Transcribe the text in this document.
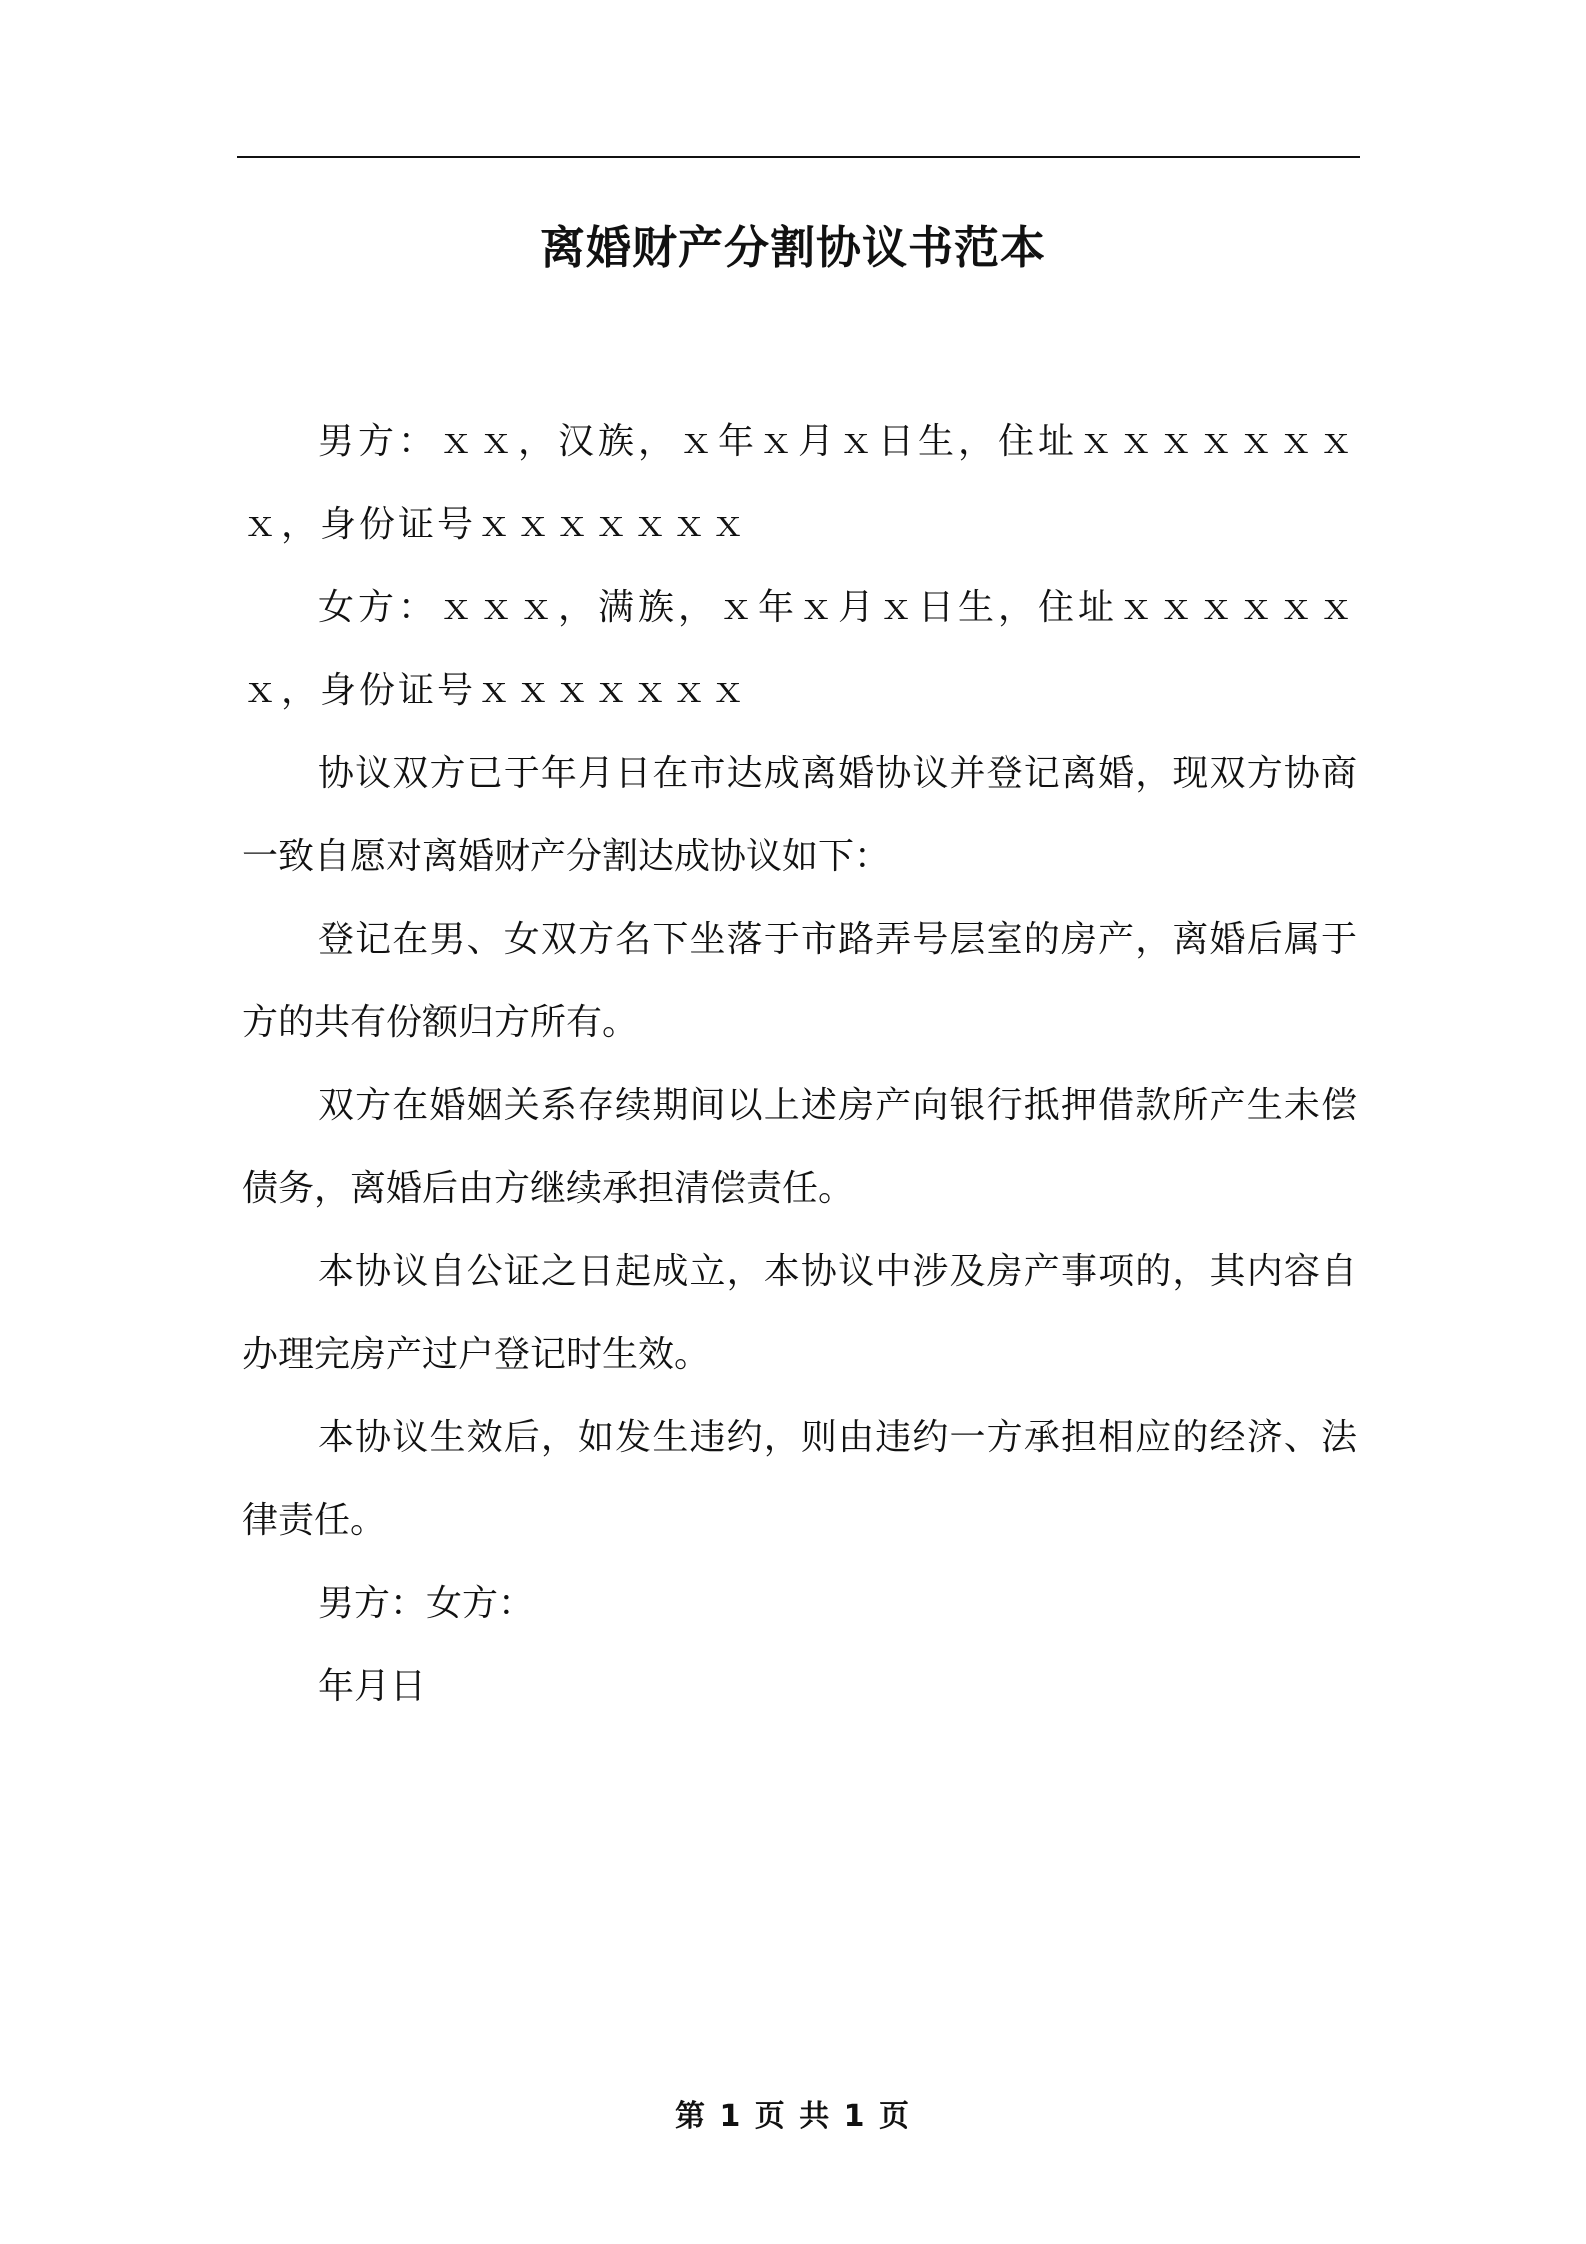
离婚财产分割协议书范本

男方：ｘｘ，汉族，ｘ年ｘ月ｘ日生，住址ｘｘｘｘｘｘｘｘ，身份证号ｘｘｘｘｘｘｘ

女方：ｘｘｘ，满族，ｘ年ｘ月ｘ日生，住址ｘｘｘｘｘｘｘ，身份证号ｘｘｘｘｘｘｘ

协议双方已于年月日在市达成离婚协议并登记离婚，现双方协商一致自愿对离婚财产分割达成协议如下：

登记在男、女双方名下坐落于市路弄号层室的房产，离婚后属于方的共有份额归方所有。

双方在婚姻关系存续期间以上述房产向银行抵押借款所产生未偿债务，离婚后由方继续承担清偿责任。

本协议自公证之日起成立，本协议中涉及房产事项的，其内容自办理完房产过户登记时生效。

本协议生效后，如发生违约，则由违约一方承担相应的经济、法律责任。

男方：女方：

年月日

第 1 页 共 1 页
